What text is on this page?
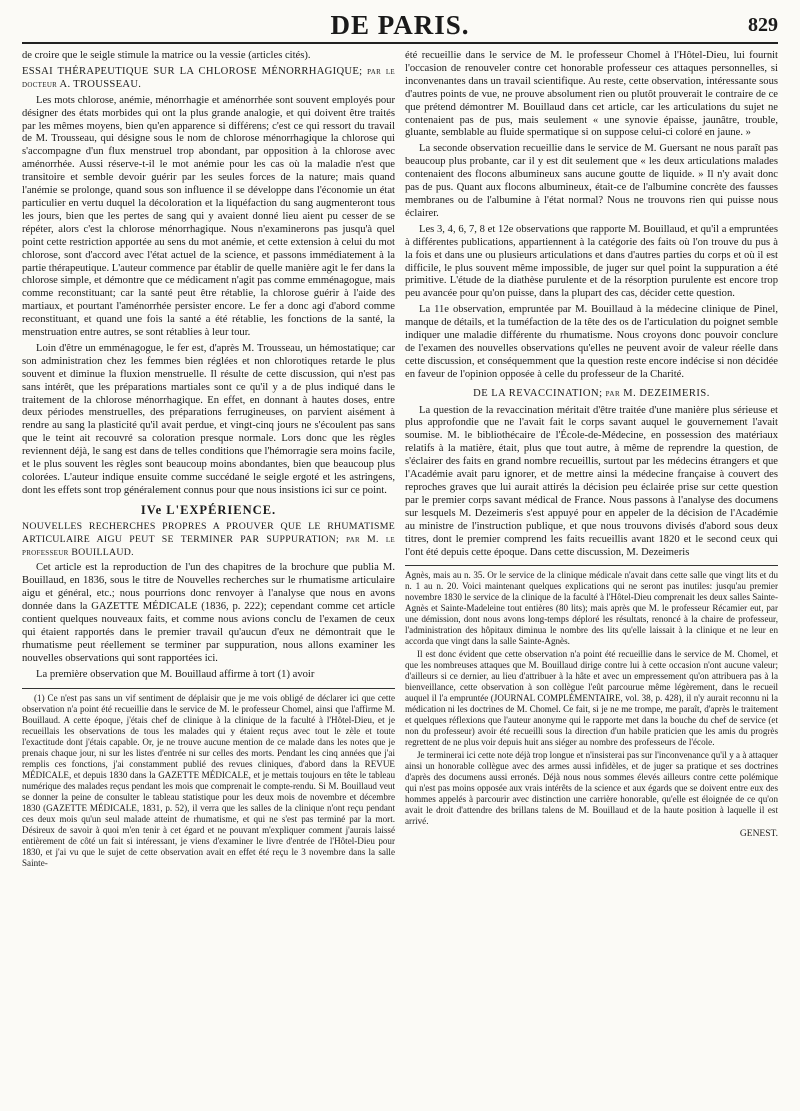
DE PARIS.	829

de croire que le seigle stimule la matrice ou la vessie (articles cités).

ESSAI THÉRAPEUTIQUE SUR LA CHLOROSE MÉNORRHAGIQUE; par le docteur A. TROUSSEAU.

Les mots chlorose, anémie, ménorrhagie et aménorrhée sont souvent employés pour désigner des états morbides qui ont la plus grande analogie, et qui doivent être traités par les mêmes moyens, bien qu'en apparence si différens; c'est ce qui ressort du travail de M. Trousseau, qui désigne sous le nom de chlorose ménorrhagique la chlorose qui s'accompagne d'un flux menstruel trop abondant, par opposition à la chlorose avec aménorrhée. Aussi réserve-t-il le mot anémie pour les cas où la maladie n'est que transitoire et semble devoir guérir par les seules forces de la nature; mais quand l'anémie se prolonge, quand sous son influence il se développe dans l'économie un état particulier en vertu duquel la décoloration et la liquéfaction du sang augmenteront tous les jours, bien que les pertes de sang qui y avaient donné lieu aient pu cesser de se répéter, alors c'est la chlorose ménorrhagique. Nous n'examinerons pas jusqu'à quel point cette restriction apportée au sens du mot anémie, et cette extension à celui du mot chlorose, sont d'accord avec l'état actuel de la science, et passons immédiatement à la partie thérapeutique. L'auteur commence par établir de quelle manière agit le fer dans la chlorose simple, et démontre que ce médicament n'agit pas comme emménagogue, mais comme reconstituant; car la santé peut être rétablie, la chlorose guérir à l'aide des martiaux, et pourtant l'aménorrhée persister encore. Le fer a donc agi d'abord comme reconstituant, et quand une fois la santé a été rétablie, les fonctions de la santé, la menstruation entre autres, se sont rétablies à leur tour.

Loin d'être un emménagogue, le fer est, d'après M. Trousseau, un hémostatique; car son administration chez les femmes bien réglées et non chlorotiques retarde le plus souvent et diminue la fluxion menstruelle. Il résulte de cette discussion, qui n'est pas sans intérêt, que les préparations martiales sont ce qu'il y a de plus indiqué dans le traitement de la chlorose ménorrhagique. En effet, en donnant à hautes doses, entre deux périodes menstruelles, des préparations ferrugineuses, on parvient aisément à rendre au sang la plasticité qu'il avait perdue, et vingt-cinq jours ne s'écoulent pas sans que le teint ait recouvré sa coloration presque normale. Lors donc que les règles reviennent déjà, le sang est dans de telles conditions que l'hémorragie sera moins facile, et le plus souvent les règles sont beaucoup moins abondantes, bien que beaucoup plus colorées. L'auteur indique ensuite comme succédané le seigle ergoté et les astringens, dont les effets sont trop généralement connus pour que nous insistions ici sur ce point.

IVe L'EXPÉRIENCE.

NOUVELLES RECHERCHES PROPRES A PROUVER QUE LE RHUMATISME ARTICULAIRE AIGU PEUT SE TERMINER PAR SUPPURATION; par M. le professeur BOUILLAUD.

Cet article est la reproduction de l'un des chapitres de la brochure que publia M. Bouillaud, en 1836, sous le titre de Nouvelles recherches sur le rhumatisme articulaire aigu et général, etc.; nous pourrions donc renvoyer à l'analyse que nous en avons donnée dans la GAZETTE MÉDICALE (1836, p. 222); cependant comme cet article contient quelques nouveaux faits, et comme nous avions conclu de l'examen de ceux qui étaient rapportés dans le premier travail qu'aucun d'eux ne démontrait que le rhumatisme peut réellement se terminer par suppuration, nous allons examiner les nouvelles observations qui sont rapportées ici.

La première observation que M. Bouillaud affirme à tort (1) avoir

(1) Ce n'est pas sans un vif sentiment de déplaisir que je me vois obligé de déclarer ici que cette observation n'a point été recueillie dans le service de M. le professeur Chomel, ainsi que l'affirme M. Bouillaud. A cette époque, j'étais chef de clinique à la clinique de la faculté à l'Hôtel-Dieu, et je recueillais les observations de tous les malades qui y étaient reçus avec tout le zèle et toute l'exactitude dont j'étais capable. Or, je ne trouve aucune mention de ce malade dans les notes que je prenais chaque jour, ni sur les listes d'entrée ni sur celles des morts. Pendant les cinq années que j'ai remplis ces fonctions, j'ai constamment publié des revues cliniques, d'abord dans la REVUE MÉDICALE, et depuis 1830 dans la GAZETTE MÉDICALE, et je mettais toujours en tête le tableau numérique des malades reçus pendant les mois que comprenait le compte-rendu. Si M. Bouillaud veut se donner la peine de consulter le tableau statistique pour les deux mois de novembre et décembre 1830 (GAZETTE MÉDICALE, 1831, p. 52), il verra que les salles de la clinique n'ont reçu pendant ces deux mois qu'un seul malade atteint de rhumatisme, et qui ne s'est pas terminé par la mort. Désireux de savoir à quoi m'en tenir à cet égard et ne pouvant m'expliquer comment j'aurais laissé entièrement de côté un fait si intéressant, je viens d'examiner le livre d'entrée de l'Hôtel-Dieu pour 1830, et j'ai vu que le sujet de cette observation avait en effet été reçu le 3 novembre dans la salle Sainte-

été recueillie dans le service de M. le professeur Chomel à l'Hôtel-Dieu, lui fournit l'occasion de renouveler contre cet honorable professeur ces attaques personnelles, si inconvenantes dans un travail scientifique. Au reste, cette observation, intéressante sous d'autres points de vue, ne prouve absolument rien ou plutôt prouverait le contraire de ce que prétend démontrer M. Bouillaud dans cet article, car les articulations du sujet ne contenaient pas de pus, mais seulement « une synovie épaisse, jaunâtre, trouble, gluante, semblable au fluide spermatique si on suppose celui-ci coloré en jaune. »

La seconde observation recueillie dans le service de M. Guersant ne nous paraît pas beaucoup plus probante, car il y est dit seulement que « les deux articulations malades contenaient des flocons albumineux sans aucune goutte de liquide. » Il n'y avait donc pas de pus. Quant aux flocons albumineux, était-ce de l'albumine concrète des fausses membranes ou de l'albumine à l'état normal? Nous ne trouvons rien qui puisse nous éclairer.

Les 3, 4, 6, 7, 8 et 12e observations que rapporte M. Bouillaud, et qu'il a empruntées à différentes publications, appartiennent à la catégorie des faits où l'on trouve du pus à la fois et dans une ou plusieurs articulations et dans d'autres parties du corps et où il est difficile, le plus souvent même impossible, de juger sur quel point la suppuration a été primitive. L'étude de la diathèse purulente et de la résorption purulente est encore trop peu avancée pour qu'on puisse, dans la plupart des cas, décider cette question.

La 11e observation, empruntée par M. Bouillaud à la médecine clinique de Pinel, manque de détails, et la tuméfaction de la tête des os de l'articulation du poignet semble indiquer une maladie différente du rhumatisme. Nous croyons donc pouvoir conclure de l'examen des nouvelles observations qu'elles ne peuvent avoir de valeur réelle dans cette discussion, et conséquemment que la question reste encore indécise si non décidée en faveur de l'opinion opposée à celle du professeur de la Charité.

DE LA REVACCINATION; par M. DEZEIMERIS.

La question de la revaccination méritait d'être traitée d'une manière plus sérieuse et plus approfondie que ne l'avait fait le corps savant auquel le gouvernement l'avait soumise. M. le bibliothécaire de l'École-de-Médecine, en possession des matériaux relatifs à la matière, était, plus que tout autre, à même de reprendre la question, de s'éclairer des faits en grand nombre recueillis, surtout par les médecins étrangers et que l'Académie avait paru ignorer, et de mettre ainsi la médecine française à couvert des reproches graves que lui aurait attirés la décision peu éclairée prise sur cette question par le premier corps savant médical de France. Nous passons à l'analyse des documens sur lesquels M. Dezeimeris s'est appuyé pour en appeler de la décision de l'Académie au ministre de l'instruction publique, et que nous trouvons divisés d'abord sous deux titres, dont le premier comprend les faits recueillis avant 1820 et le second ceux qui l'ont été depuis cette époque. Dans cette discussion, M. Dezeimeris

Agnès, mais au n. 35. Or le service de la clinique médicale n'avait dans cette salle que vingt lits et du n. 1 au n. 20. Voici maintenant quelques explications qui ne seront pas inutiles: jusqu'au premier novembre 1830 le service de la clinique de la faculté à l'Hôtel-Dieu comprenait les deux salles Sainte-Agnès et Sainte-Madeleine tout entières (80 lits); mais après que M. le professeur Récamier eut, par une démission, dont nous avons long-temps déploré les résultats, renoncé à la chaire de professeur, l'administration des hôpitaux diminua le nombre des lits qu'elle laissait à la clinique et ne leur en accorda que vingt dans la salle Sainte-Agnès.

Il est donc évident que cette observation n'a point été recueillie dans le service de M. Chomel, et que les nombreuses attaques que M. Bouillaud dirige contre lui à cette occasion n'ont aucune valeur; d'ailleurs si ce dernier, au lieu d'attribuer à la hâte et avec un empressement qu'on attribuera pas à la bienveillance, cette observation à son collègue l'eût parcourue même légèrement, dans le recueil auquel il l'a empruntée (JOURNAL COMPLÉMENTAIRE, vol. 38, p. 428), il n'y aurait reconnu ni la médication ni les doctrines de M. Chomel. Ce fait, si je ne me trompe, me paraît, d'après le traitement et quelques réflexions que l'auteur anonyme qui le rapporte met dans la bouche du chef de service (et non du professeur) avoir été recueilli sous la direction d'un habile praticien que les amis du progrès regrettent de ne plus voir depuis huit ans siéger au nombre des professeurs de l'école.

Je terminerai ici cette note déjà trop longue et n'insisterai pas sur l'inconvenance qu'il y a à attaquer ainsi un honorable collègue avec des armes aussi infidèles, et de juger sa pratique et ses doctrines d'après des documens aussi erronés. Déjà nous nous sommes élevés ailleurs contre cette polémique qui n'est pas moins opposée aux vrais intérêts de la science et aux égards que se doivent entre eux des hommes appelés à parcourir avec distinction une carrière honorable, qu'elle est éloignée de ce qu'on avait le droit d'attendre des brillans talens de M. Bouillaud et de la haute position à laquelle il est arrivé.

GENEST.
